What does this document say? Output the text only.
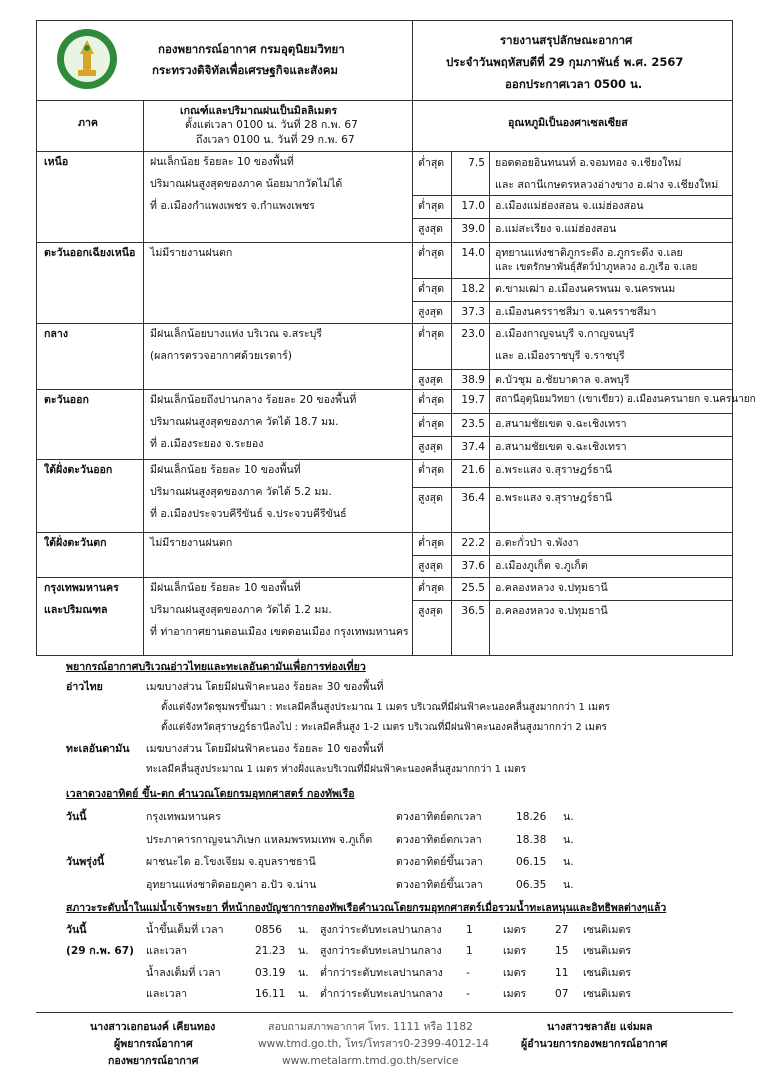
กองพยากรณ์อากาศ กรมอุตุนิยมวิทยา
กระทรวงดิจิทัลเพื่อเศรษฐกิจและสังคม
รายงานสรุปลักษณะอากาศ
ประจำวันพฤหัสบดีที่ 29 กุมภาพันธ์ พ.ศ. 2567
ออกประกาศเวลา 0500 น.
ภาค
เกณฑ์และปริมาณฝนเป็นมิลลิเมตร
ตั้งแต่เวลา 0100 น. วันที่ 28 ก.พ. 67
ถึงเวลา 0100 น. วันที่ 29 ก.พ. 67
อุณหภูมิเป็นองศาเซลเซียส
เหนือ	ฝนเล็กน้อย ร้อยละ 10 ของพื้นที่
ปริมาณฝนสูงสุดของภาค น้อยมากวัดไม่ได้
ที่ อ.เมืองกำแพงเพชร จ.กำแพงเพชร
ต่ำสุด	7.5 ยอดดอยอินทนนท์ อ.จอมทอง จ.เชียงใหม่
และ สถานีเกษตรหลวงอ่างขาง อ.ฝาง จ.เชียงใหม่
ต่ำสุด	17.0 อ.เมืองแม่ฮ่องสอน จ.แม่ฮ่องสอน
สูงสุด	39.0 อ.แม่สะเรียง จ.แม่ฮ่องสอน
ตะวันออกเฉียงเหนือ ไม่มีรายงานฝนตก	ต่ำสุด	14.0 อุทยานแห่งชาติภูกระดึง อ.ภูกระดึง จ.เลย
และ เขตรักษาพันธุ์สัตว์ป่าภูหลวง อ.ภูเรือ จ.เลย
ต่ำสุด	18.2 ต.ขามเฒ่า อ.เมืองนครพนม จ.นครพนม
สูงสุด	37.3 อ.เมืองนครราชสีมา จ.นครราชสีมา
กลาง	มีฝนเล็กน้อยบางแห่ง บริเวณ จ.สระบุรี
(ผลการตรวจอากาศด้วยเรดาร์)
ต่ำสุด	23.0 อ.เมืองกาญจนบุรี จ.กาญจนบุรี
และ อ.เมืองราชบุรี จ.ราชบุรี
สูงสุด	38.9 ต.บัวชุม อ.ชัยบาดาล จ.ลพบุรี
ตะวันออก	มีฝนเล็กน้อยถึงปานกลาง ร้อยละ 20 ของพื้นที่
ปริมาณฝนสูงสุดของภาค วัดได้ 18.7 มม.
ที่ อ.เมืองระยอง จ.ระยอง
ต่ำสุด	19.7 สถานีอุตุนิยมวิทยา (เขาเขียว) อ.เมืองนครนายก จ.นครนายก
ต่ำสุด	23.5 อ.สนามชัยเขต จ.ฉะเชิงเทรา
สูงสุด	37.4 อ.สนามชัยเขต จ.ฉะเชิงเทรา
ใต้ฝั่งตะวันออก	มีฝนเล็กน้อย ร้อยละ 10 ของพื้นที่
ปริมาณฝนสูงสุดของภาค วัดได้ 5.2 มม.
ที่ อ.เมืองประจวบคีรีขันธ์ จ.ประจวบคีรีขันธ์
ต่ำสุด	21.6 อ.พระแสง จ.สุราษฎร์ธานี
สูงสุด	36.4 อ.พระแสง จ.สุราษฎร์ธานี
ใต้ฝั่งตะวันตก	ไม่มีรายงานฝนตก	ต่ำสุด	22.2 อ.ตะกั่วป่า จ.พังงา
สูงสุด	37.6 อ.เมืองภูเก็ต จ.ภูเก็ต
กรุงเทพมหานคร
และปริมณฑล
มีฝนเล็กน้อย ร้อยละ 10 ของพื้นที่
ปริมาณฝนสูงสุดของภาค วัดได้ 1.2 มม.
ที่ ท่าอากาศยานดอนเมือง เขตดอนเมือง กรุงเทพมหานคร
ต่ำสุด	25.5 อ.คลองหลวง จ.ปทุมธานี
สูงสุด	36.5 อ.คลองหลวง จ.ปทุมธานี
พยากรณ์อากาศบริเวณอ่าวไทยและทะเลอันดามันเพื่อการท่องเที่ยว
อ่าวไทย	เมฆบางส่วน โดยมีฝนฟ้าคะนอง ร้อยละ 30 ของพื้นที่
ตั้งแต่จังหวัดชุมพรขึ้นมา : ทะเลมีคลื่นสูงประมาณ 1 เมตร บริเวณที่มีฝนฟ้าคะนองคลื่นสูงมากกว่า 1 เมตร
ตั้งแต่จังหวัดสุราษฎร์ธานีลงไป : ทะเลมีคลื่นสูง 1-2 เมตร บริเวณที่มีฝนฟ้าคะนองคลื่นสูงมากกว่า 2 เมตร
ทะเลอันดามัน เมฆบางส่วน โดยมีฝนฟ้าคะนอง ร้อยละ 10 ของพื้นที่
ทะเลมีคลื่นสูงประมาณ 1 เมตร ห่างฝั่งและบริเวณที่มีฝนฟ้าคะนองคลื่นสูงมากกว่า 1 เมตร
เวลาดวงอาทิตย์ ขึ้น-ตก คำนวณโดยกรมอุทกศาสตร์ กองทัพเรือ
วันนี้	กรุงเทพมหานคร	ดวงอาทิตย์ตกเวลา	18.26 น.
ประภาคารกาญจนาภิเษก แหลมพรหมเทพ จ.ภูเก็ต ดวงอาทิตย์ตกเวลา	18.38 น.
วันพรุ่งนี้	ผาชนะได อ.โขงเจียม จ.อุบลราชธานี	ดวงอาทิตย์ขึ้นเวลา	06.15 น.
อุทยานแห่งชาติดอยภูคา อ.ปัว จ.น่าน	ดวงอาทิตย์ขึ้นเวลา	06.35 น.
สภาวะระดับน้ำในแม่น้ำเจ้าพระยา ที่หน้ากองบัญชาการกองทัพเรือคำนวณโดยกรมอุทกศาสตร์เมื่อรวมน้ำทะเลหนุนและอิทธิพลต่างๆแล้ว
วันนี้
(29 ก.พ. 67)
น้ำขึ้นเต็มที่ เวลา	0856 น. สูงกว่าระดับทะเลปานกลาง 1	เมตร	27 เซนติเมตร
และเวลา	21.23 น. สูงกว่าระดับทะเลปานกลาง 1	เมตร	15 เซนติเมตร
น้ำลงเต็มที่ เวลา	03.19 น. ต่ำกว่าระดับทะเลปานกลาง -	เมตร	11 เซนติเมตร
และเวลา	16.11 น. ต่ำกว่าระดับทะเลปานกลาง -	เมตร	07 เซนติเมตร
นางสาวเอกอนงค์ เคียนทอง
ผู้พยากรณ์อากาศ
กองพยากรณ์อากาศ
สอบถามสภาพอากาศ โทร. 1111 หรือ 1182
www.tmd.go.th, โทร/โทรสาร0-2399-4012-14
www.metalarm.tmd.go.th/service
นางสาวชลาลัย แจ่มผล
ผู้อำนวยการกองพยากรณ์อากาศ
